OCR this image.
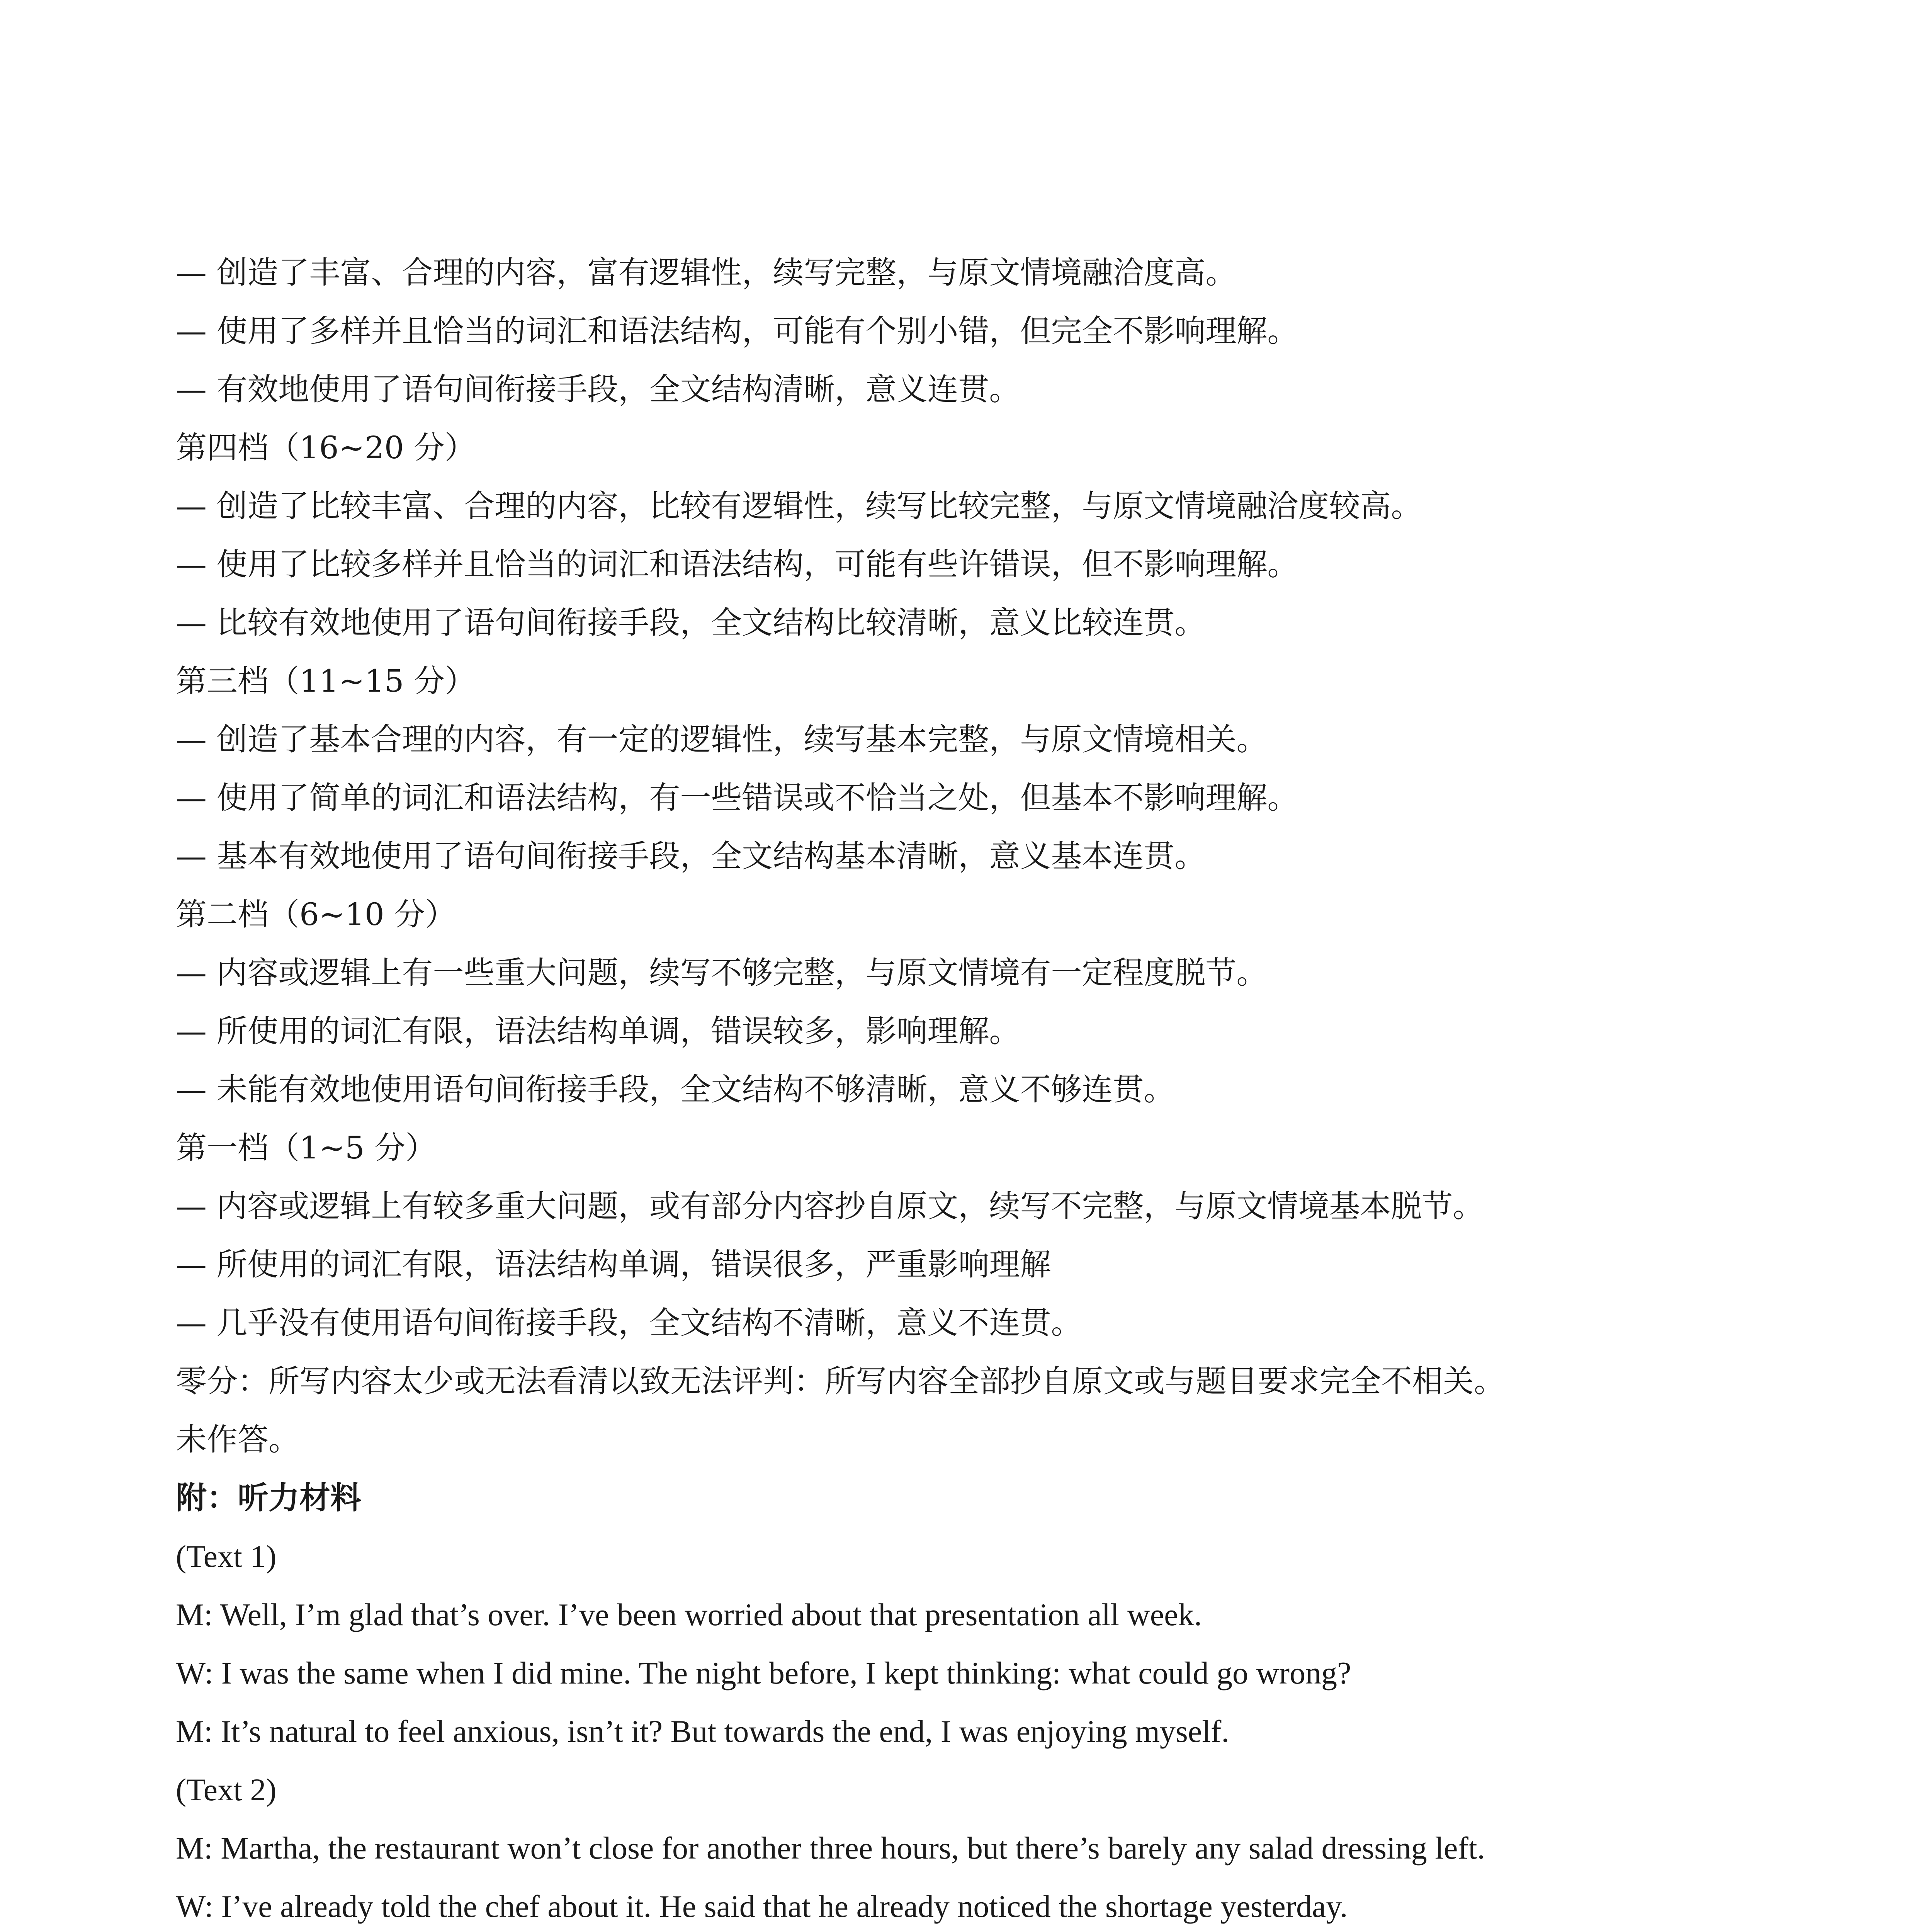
— 创造了丰富、合理的内容，富有逻辑性，续写完整，与原文情境融洽度高。

— 使用了多样并且恰当的词汇和语法结构，可能有个别小错，但完全不影响理解。

— 有效地使用了语句间衔接手段，全文结构清晰，意义连贯。

第四档（16~20 分）

— 创造了比较丰富、合理的内容，比较有逻辑性，续写比较完整，与原文情境融洽度较高。

— 使用了比较多样并且恰当的词汇和语法结构，可能有些许错误，但不影响理解。

— 比较有效地使用了语句间衔接手段，全文结构比较清晰，意义比较连贯。

第三档（11~15 分）

— 创造了基本合理的内容，有一定的逻辑性，续写基本完整，与原文情境相关。

— 使用了简单的词汇和语法结构，有一些错误或不恰当之处，但基本不影响理解。

— 基本有效地使用了语句间衔接手段，全文结构基本清晰，意义基本连贯。

第二档（6~10 分）

— 内容或逻辑上有一些重大问题，续写不够完整，与原文情境有一定程度脱节。

— 所使用的词汇有限，语法结构单调，错误较多，影响理解。

— 未能有效地使用语句间衔接手段，全文结构不够清晰，意义不够连贯。

第一档（1~5 分）

— 内容或逻辑上有较多重大问题，或有部分内容抄自原文，续写不完整，与原文情境基本脱节。

— 所使用的词汇有限，语法结构单调，错误很多，严重影响理解

— 几乎没有使用语句间衔接手段，全文结构不清晰，意义不连贯。

零分：所写内容太少或无法看清以致无法评判：所写内容全部抄自原文或与题目要求完全不相关。

未作答。

附：听力材料

(Text 1)

M: Well, I’m glad that’s over. I’ve been worried about that presentation all week.

W: I was the same when I did mine. The night before, I kept thinking: what could go wrong?

M: It’s natural to feel anxious, isn’t it? But towards the end, I was enjoying myself.

(Text 2)

M: Martha, the restaurant won’t close for another three hours, but there’s barely any salad dressing left.

W: I’ve already told the chef about it. He said that he already noticed the shortage yesterday.
